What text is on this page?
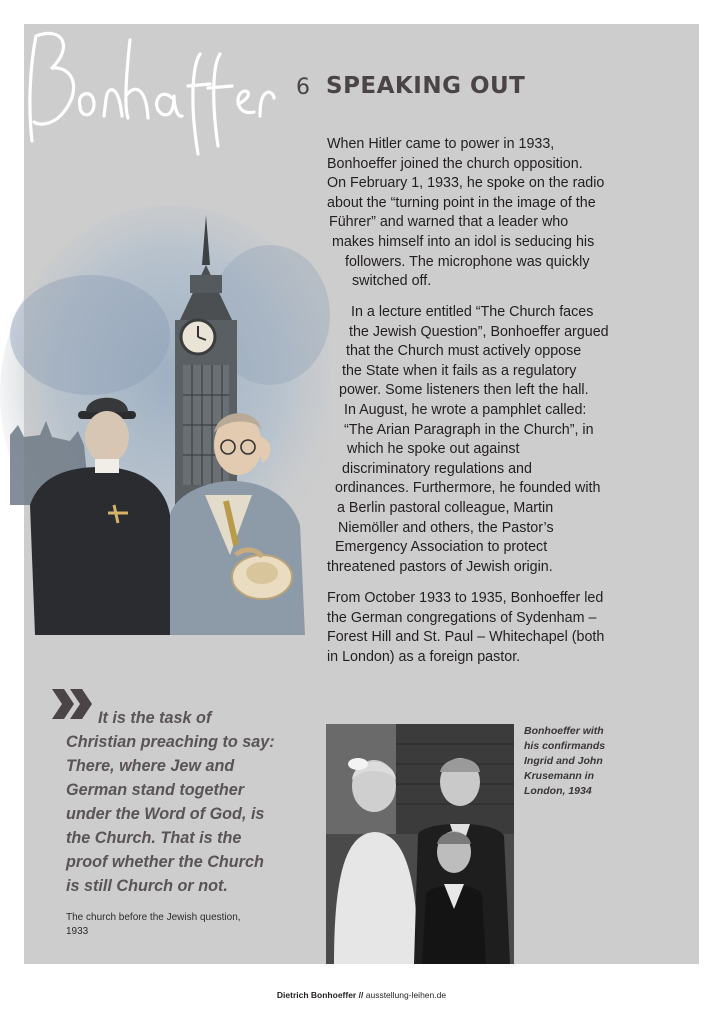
6 SPEAKING OUT

When Hitler came to power in 1933,
Bonhoeffer joined the church opposition.
On February 1, 1933, he spoke on the radio
about the “turning point in the image of the
Führer” and warned that a leader who
makes himself into an idol is seducing his
followers. The microphone was quickly
switched off.

In a lecture entitled “The Church faces
the Jewish Question”, Bonhoeffer argued
that the Church must actively oppose
the State when it fails as a regulatory
power. Some listeners then left the hall.
In August, he wrote a pamphlet called:
“The Arian Paragraph in the Church”, in
which he spoke out against
discriminatory regulations and
ordinances. Furthermore, he founded with
a Berlin pastoral colleague, Martin
Niemöller and others, the Pastor’s
Emergency Association to protect
threatened pastors of Jewish origin.

From October 1933 to 1935, Bonhoeffer led
the German congregations of Sydenham –
Forest Hill and St. Paul – Whitechapel (both
in London) as a foreign pastor.

It is the task of
Christian preaching to say:
There, where Jew and
German stand together
under the Word of God, is
the Church. That is the
proof whether the Church
is still Church or not.

The church before the Jewish question,
1933

Bonhoeffer with
his confirmands
Ingrid and John
Krusemann in
London, 1934

Dietrich Bonhoeffer // ausstellung-leihen.de
